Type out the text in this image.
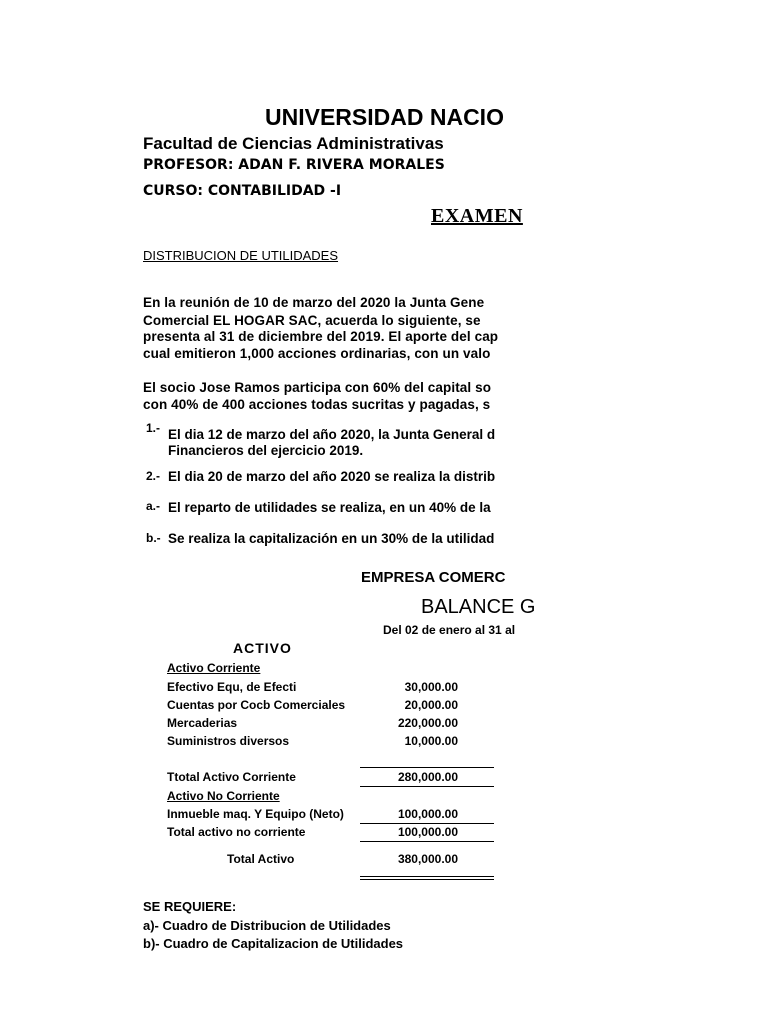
UNIVERSIDAD NACIO
Facultad de Ciencias Administrativas
PROFESOR: ADAN F. RIVERA MORALES
CURSO: CONTABILIDAD -I
EXAMEN
DISTRIBUCION DE UTILIDADES
En la reunión de 10 de marzo del 2020 la Junta Gene
Comercial EL HOGAR SAC, acuerda lo siguiente, se
presenta al 31 de diciembre del 2019. El aporte del cap
cual emitieron 1,000 acciones ordinarias, con un valo
El socio Jose Ramos participa con 60% del capital so
con 40% de 400 acciones todas sucritas y pagadas, s
1.- El dia 12 de marzo del año 2020, la Junta General d
Financieros del ejercicio 2019.
2.- El dia 20 de marzo del año 2020 se realiza la distrib
a.- El reparto de utilidades se realiza, en un 40% de la
b.- Se realiza la capitalización en un 30% de la utilidad
EMPRESA COMERC
BALANCE G
Del 02 de enero al 31 al
ACTIVO
Activo Corriente
Efectivo Equ, de Efecti	30,000.00
Cuentas por Cocb Comerciales	20,000.00
Mercaderias	220,000.00
Suministros diversos	10,000.00
Ttotal Activo Corriente	280,000.00
Activo No Corriente
Inmueble maq. Y Equipo (Neto)	100,000.00
Total activo no corriente	100,000.00
Total Activo	380,000.00
SE REQUIERE:
a)- Cuadro de Distribucion de Utilidades
b)- Cuadro de Capitalizacion de Utilidades
